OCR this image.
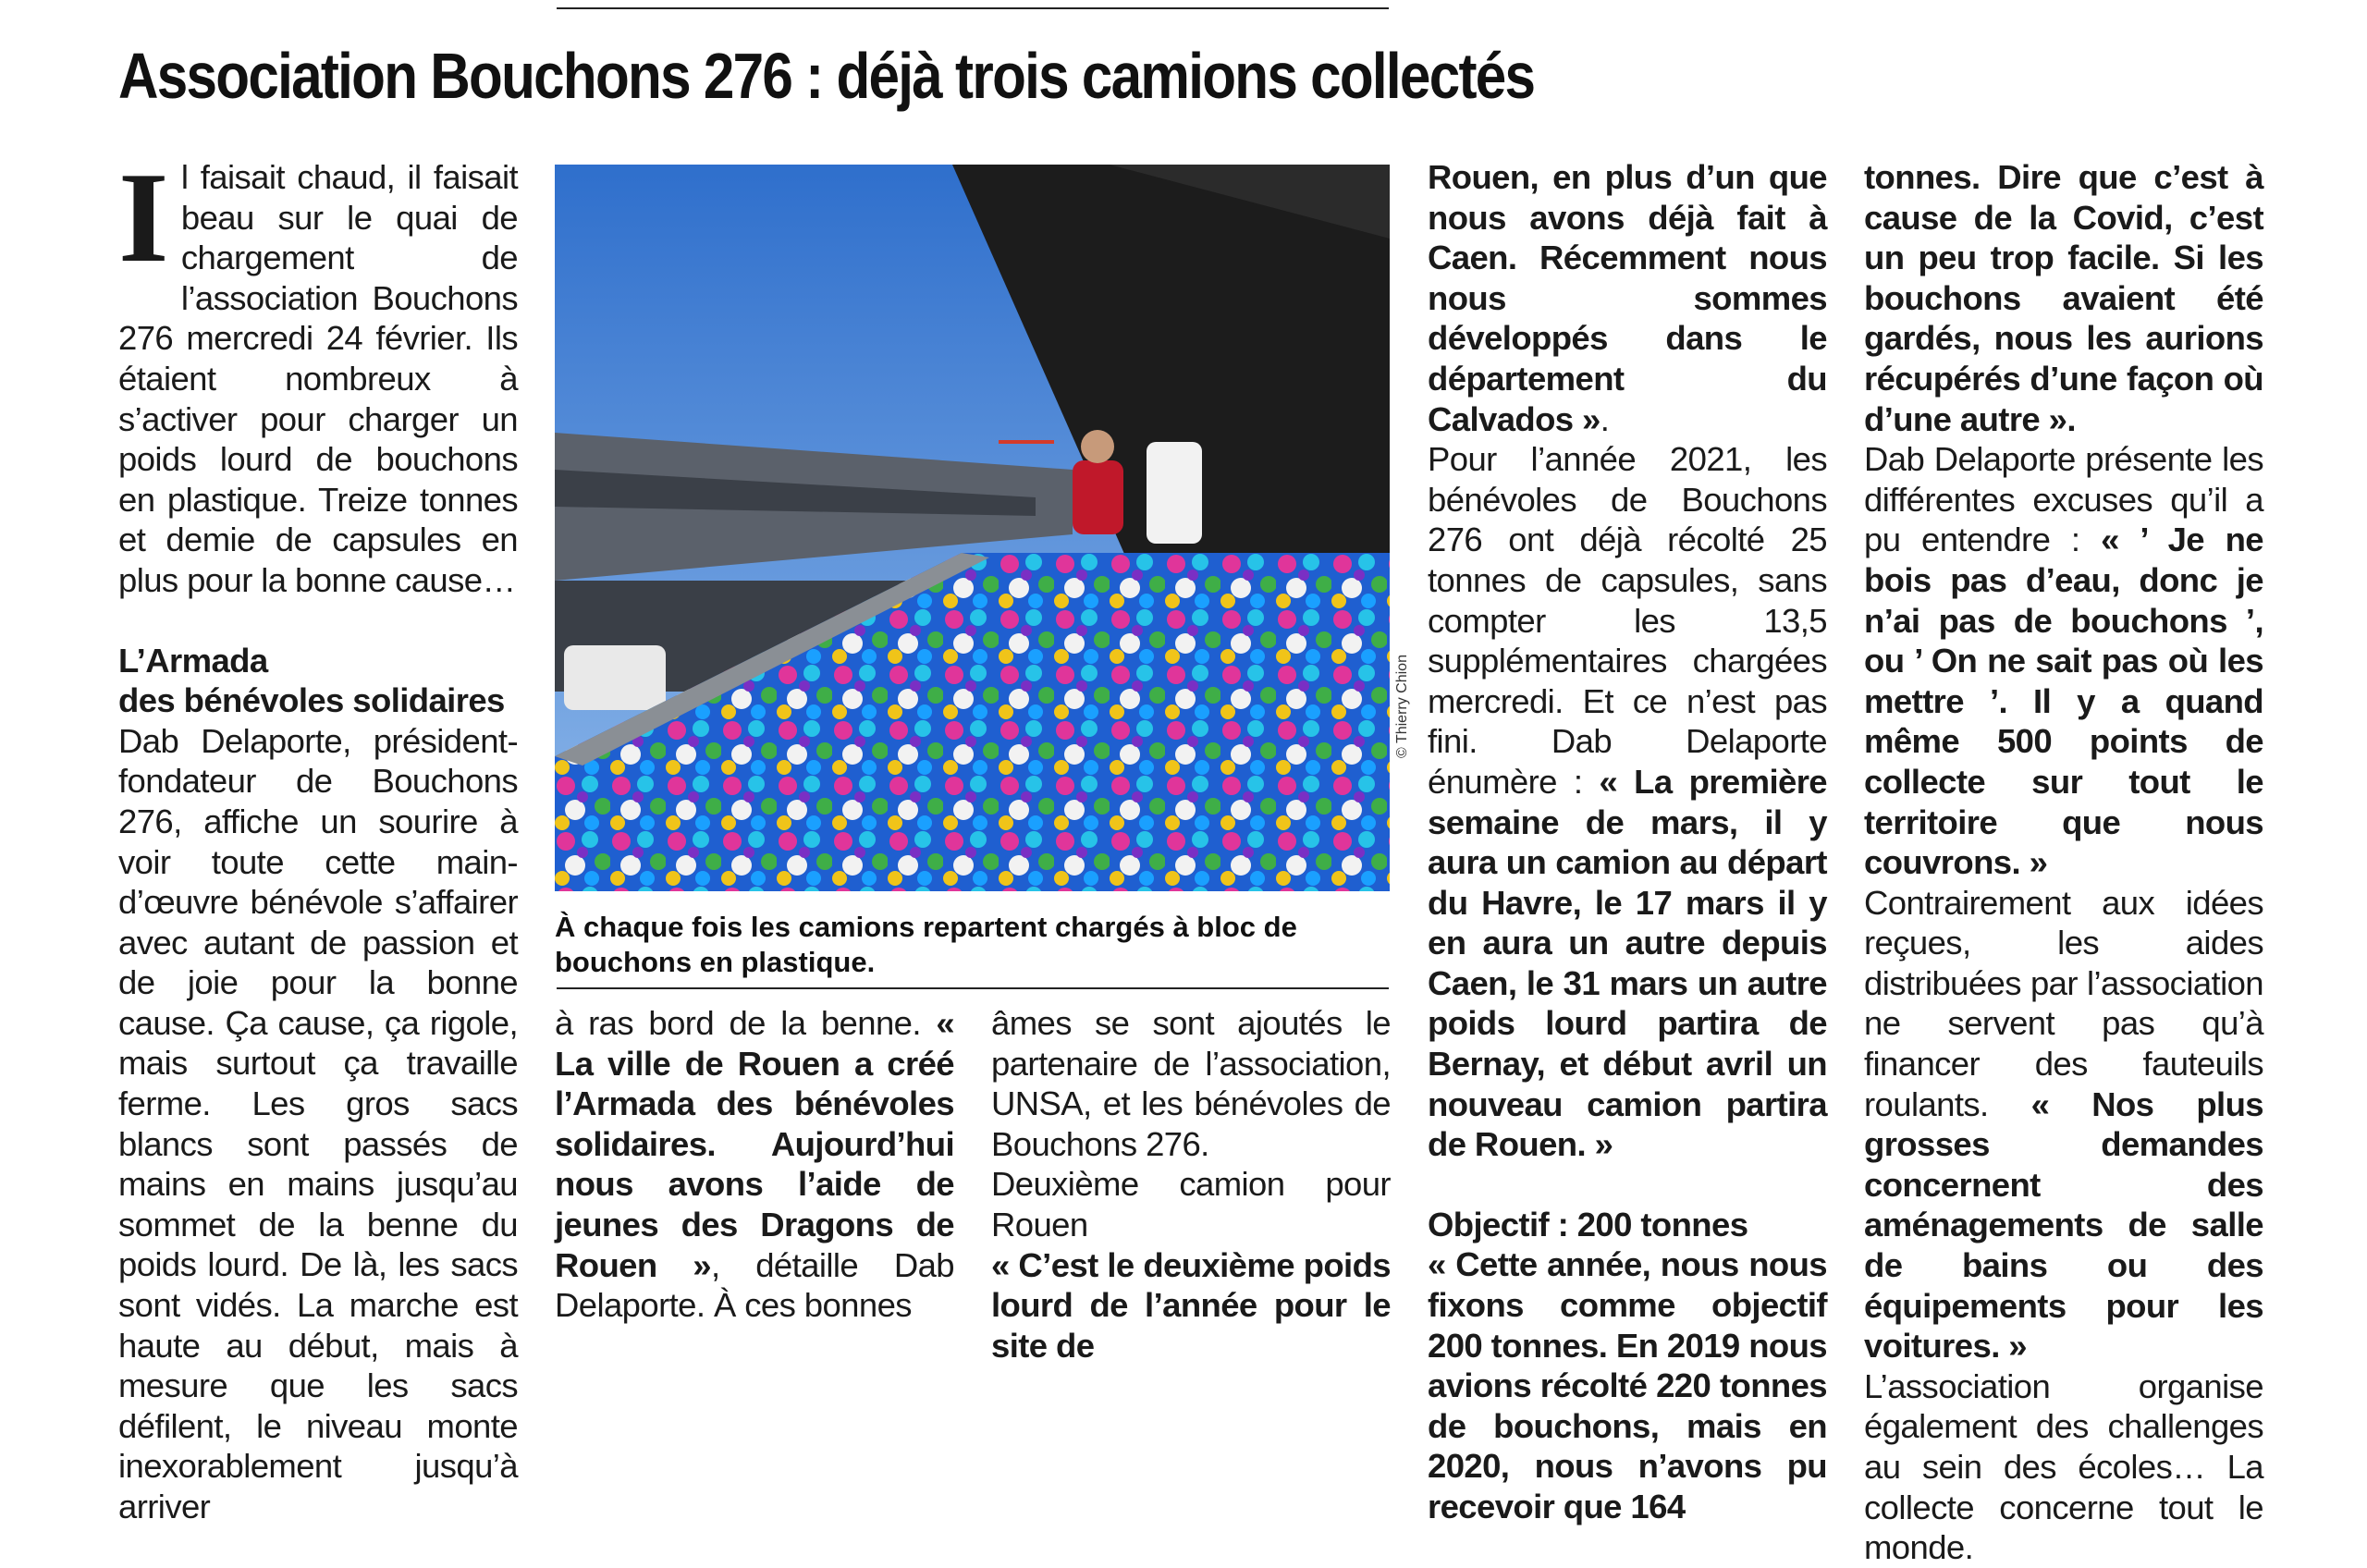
Association Bouchons 276 : déjà trois camions collectés
I l faisait chaud, il faisait beau sur le quai de chargement de l’association Bouchons 276 mercredi 24 février. Ils étaient nombreux à s’activer pour charger un poids lourd de bouchons en plastique. Treize tonnes et demie de capsules en plus pour la bonne cause…

L’Armada
des bénévoles solidaires

Dab Delaporte, président-fondateur de Bouchons 276, affiche un sourire à voir toute cette main-d’œuvre bénévole s’affairer avec autant de passion et de joie pour la bonne cause. Ça cause, ça rigole, mais surtout ça travaille ferme. Les gros sacs blancs sont passés de mains en mains jusqu’au sommet de la benne du poids lourd. De là, les sacs sont vidés. La marche est haute au début, mais à mesure que les sacs défilent, le niveau monte inexorablement jusqu’à arriver

© Thierry Chion
À chaque fois les camions repartent chargés à bloc de bouchons en plastique.

à ras bord de la benne. « La ville de Rouen a créé l’Armada des bénévoles solidaires. Aujourd’hui nous avons l’aide de jeunes des Dragons de Rouen », détaille Dab Delaporte. À ces bonnes

âmes se sont ajoutés le partenaire de l’association, UNSA, et les bénévoles de Bouchons 276.

Deuxième camion pour Rouen

« C’est le deuxième poids lourd de l’année pour le site de

Rouen, en plus d’un que nous avons déjà fait à Caen. Récemment nous nous sommes développés dans le département du Calvados ».

Pour l’année 2021, les bénévoles de Bouchons 276 ont déjà récolté 25 tonnes de capsules, sans compter les 13,5 supplémentaires chargées mercredi. Et ce n’est pas fini. Dab Delaporte énumère : « La première semaine de mars, il y aura un camion au départ du Havre, le 17 mars il y en aura un autre depuis Caen, le 31 mars un autre poids lourd partira de Bernay, et début avril un nouveau camion partira de Rouen. »

Objectif : 200 tonnes

« Cette année, nous nous fixons comme objectif 200 tonnes. En 2019 nous avions récolté 220 tonnes de bouchons, mais en 2020, nous n’avons pu recevoir que 164

tonnes. Dire que c’est à cause de la Covid, c’est un peu trop facile. Si les bouchons avaient été gardés, nous les aurions récupérés d’une façon où d’une autre ».

Dab Delaporte présente les différentes excuses qu’il a pu entendre : « ’ Je ne bois pas d’eau, donc je n’ai pas de bouchons ’, ou ’ On ne sait pas où les mettre ’. Il y a quand même 500 points de collecte sur tout le territoire que nous couvrons. »

Contrairement aux idées reçues, les aides distribuées par l’association ne servent pas qu’à financer des fauteuils roulants. « Nos plus grosses demandes concernent des aménagements de salle de bains ou des équipements pour les voitures. »

L’association organise également des challenges au sein des écoles… La collecte concerne tout le monde.
